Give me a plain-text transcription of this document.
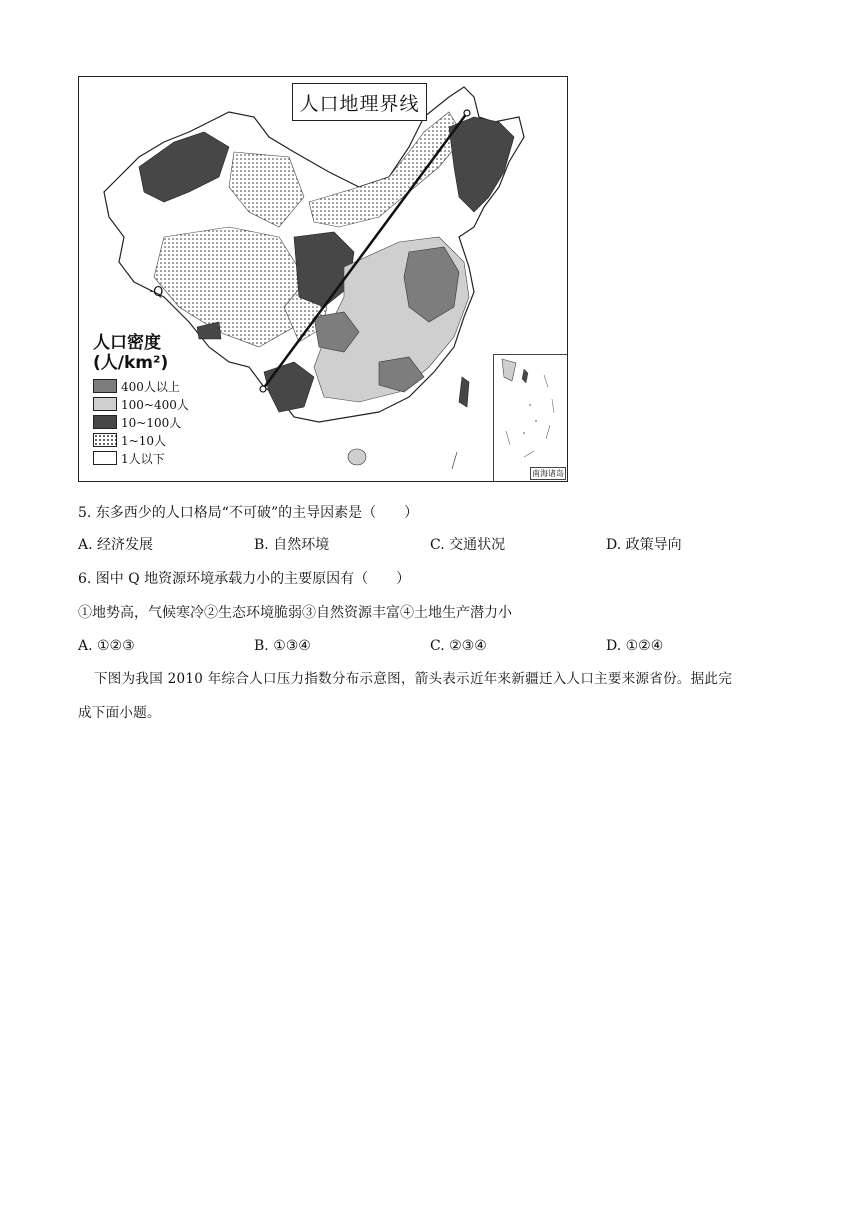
人口地理界线
·Q
人口密度
(人/km²)
400人以上
100~400人
10~100人
1~10人
1人以下
南海诸岛
5. 东多西少的人口格局“不可破”的主导因素是（　　）
A. 经济发展	B. 自然环境	C. 交通状况	D. 政策导向
6. 图中 Q 地资源环境承载力小的主要原因有（　　）
①地势高，气候寒冷②生态环境脆弱③自然资源丰富④土地生产潜力小
A. ①②③	B. ①③④	C. ②③④	D. ①②④
下图为我国 2010 年综合人口压力指数分布示意图，箭头表示近年来新疆迁入人口主要来源省份。据此完
成下面小题。
